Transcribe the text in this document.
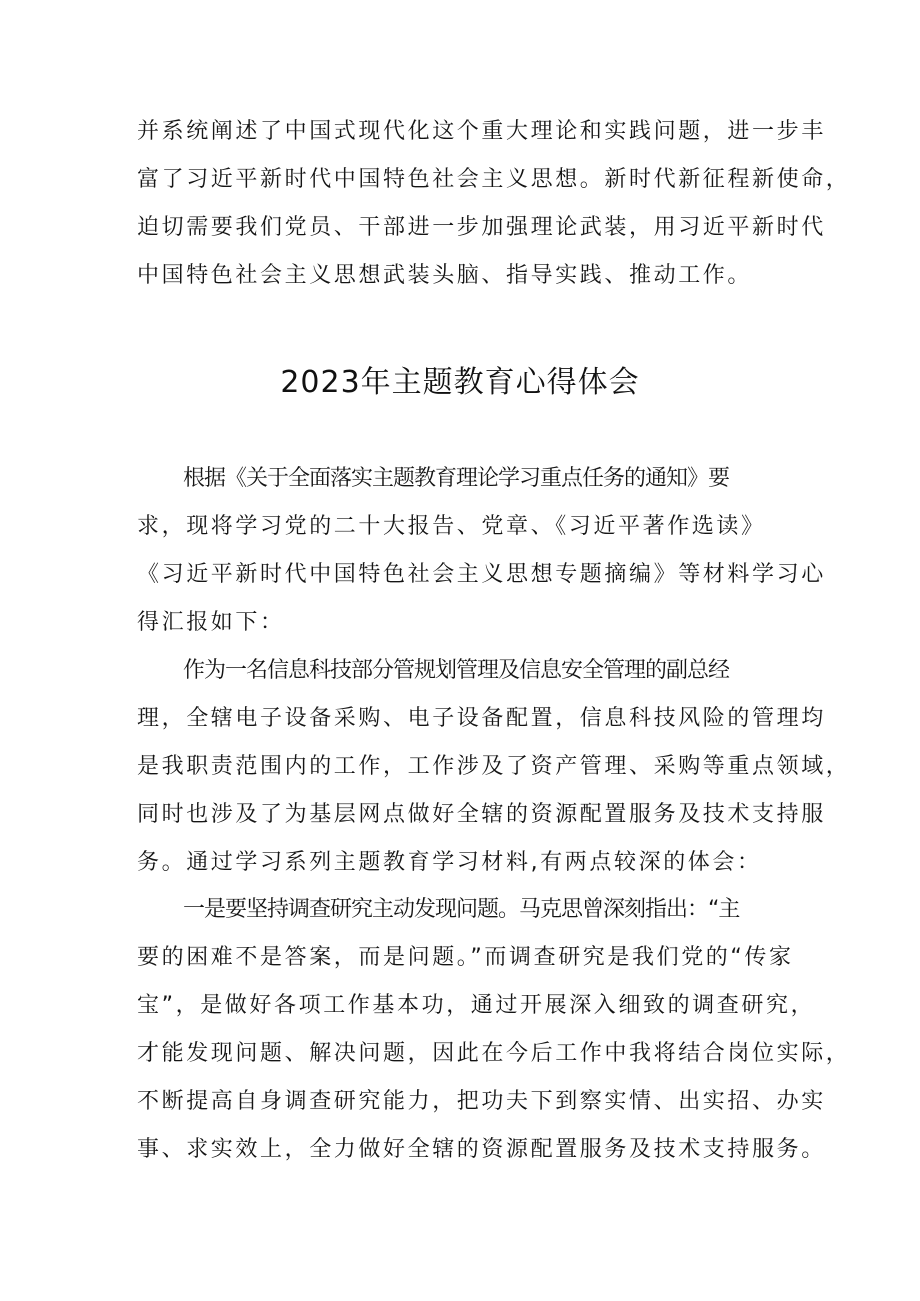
并系统阐述了中国式现代化这个重大理论和实践问题，进一步丰
富了习近平新时代中国特色社会主义思想。新时代新征程新使命，
迫切需要我们党员、干部进一步加强理论武装，用习近平新时代
中国特色社会主义思想武装头脑、指导实践、推动工作。
2023年主题教育心得体会
根据《关于全面落实主题教育理论学习重点任务的通知》要
求，现将学习党的二十大报告、党章、《习近平著作选读》
《习近平新时代中国特色社会主义思想专题摘编》等材料学习心
得汇报如下：
作为一名信息科技部分管规划管理及信息安全管理的副总经
理，全辖电子设备采购、电子设备配置，信息科技风险的管理均
是我职责范围内的工作，工作涉及了资产管理、采购等重点领域，
同时也涉及了为基层网点做好全辖的资源配置服务及技术支持服
务。通过学习系列主题教育学习材料,有两点较深的体会：
一是要坚持调查研究主动发现问题。马克思曾深刻指出：“主
要的困难不是答案，而是问题。”而调查研究是我们党的“传家
宝”，是做好各项工作基本功，通过开展深入细致的调查研究，
才能发现问题、解决问题，因此在今后工作中我将结合岗位实际，
不断提高自身调查研究能力，把功夫下到察实情、出实招、办实
事、求实效上，全力做好全辖的资源配置服务及技术支持服务。
